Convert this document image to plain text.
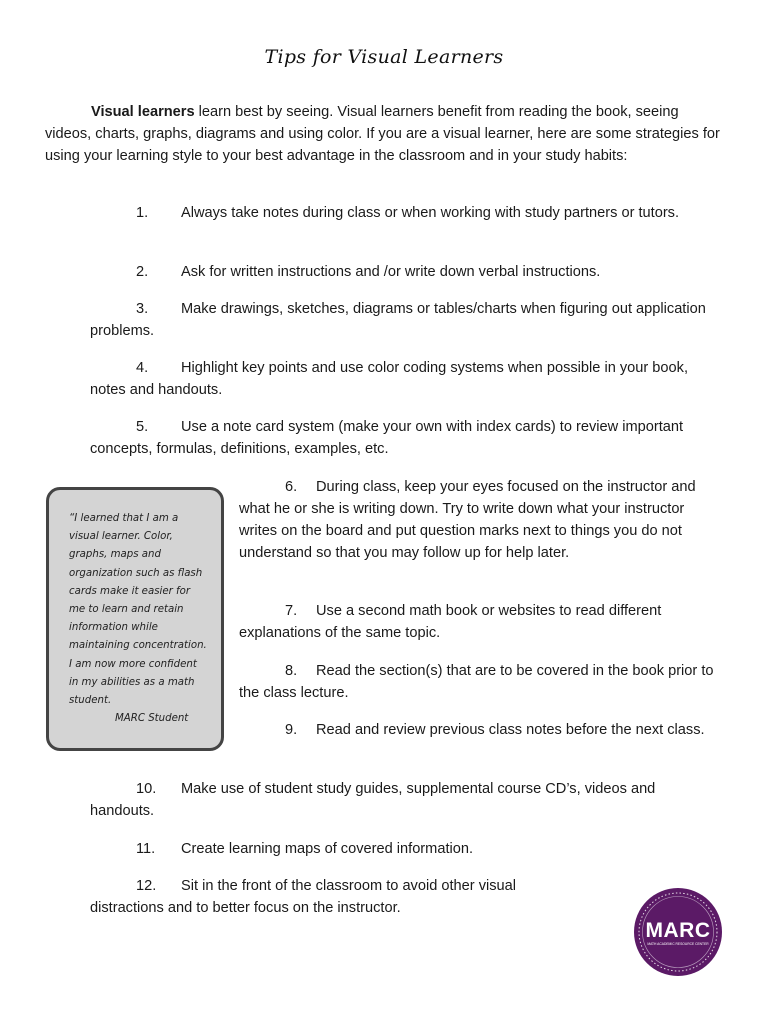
Tips for Visual Learners

Visual learners learn best by seeing. Visual learners benefit from reading the book, seeing videos, charts, graphs, diagrams and using color. If you are a visual learner, here are some strategies for using your learning style to your best advantage in the classroom and in your study habits:

1. Always take notes during class or when working with study partners or tutors.

2. Ask for written instructions and /or write down verbal instructions.

3. Make drawings, sketches, diagrams or tables/charts when figuring out application problems.

4. Highlight key points and use color coding systems when possible in your book, notes and handouts.

5. Use a note card system (make your own with index cards) to review important concepts, formulas, definitions, examples, etc.

“I learned that I am a visual learner. Color, graphs, maps and organization such as flash cards make it easier for me to learn and retain information while maintaining concentration. I am now more confident in my abilities as a math student.

MARC Student

6. During class, keep your eyes focused on the instructor and what he or she is writing down. Try to write down what your instructor writes on the board and put question marks next to things you do not understand so that you may follow up for help later.

7. Use a second math book or websites to read different explanations of the same topic.

8. Read the section(s) that are to be covered in the book prior to the class lecture.

9. Read and review previous class notes before the next class.

10. Make use of student study guides, supplemental course CD’s, videos and handouts.

11. Create learning maps of covered information.

12. Sit in the front of the classroom to avoid other visual distractions and to better focus on the instructor.

MARC
MATH ACADEMIC RESOURCE CENTER
